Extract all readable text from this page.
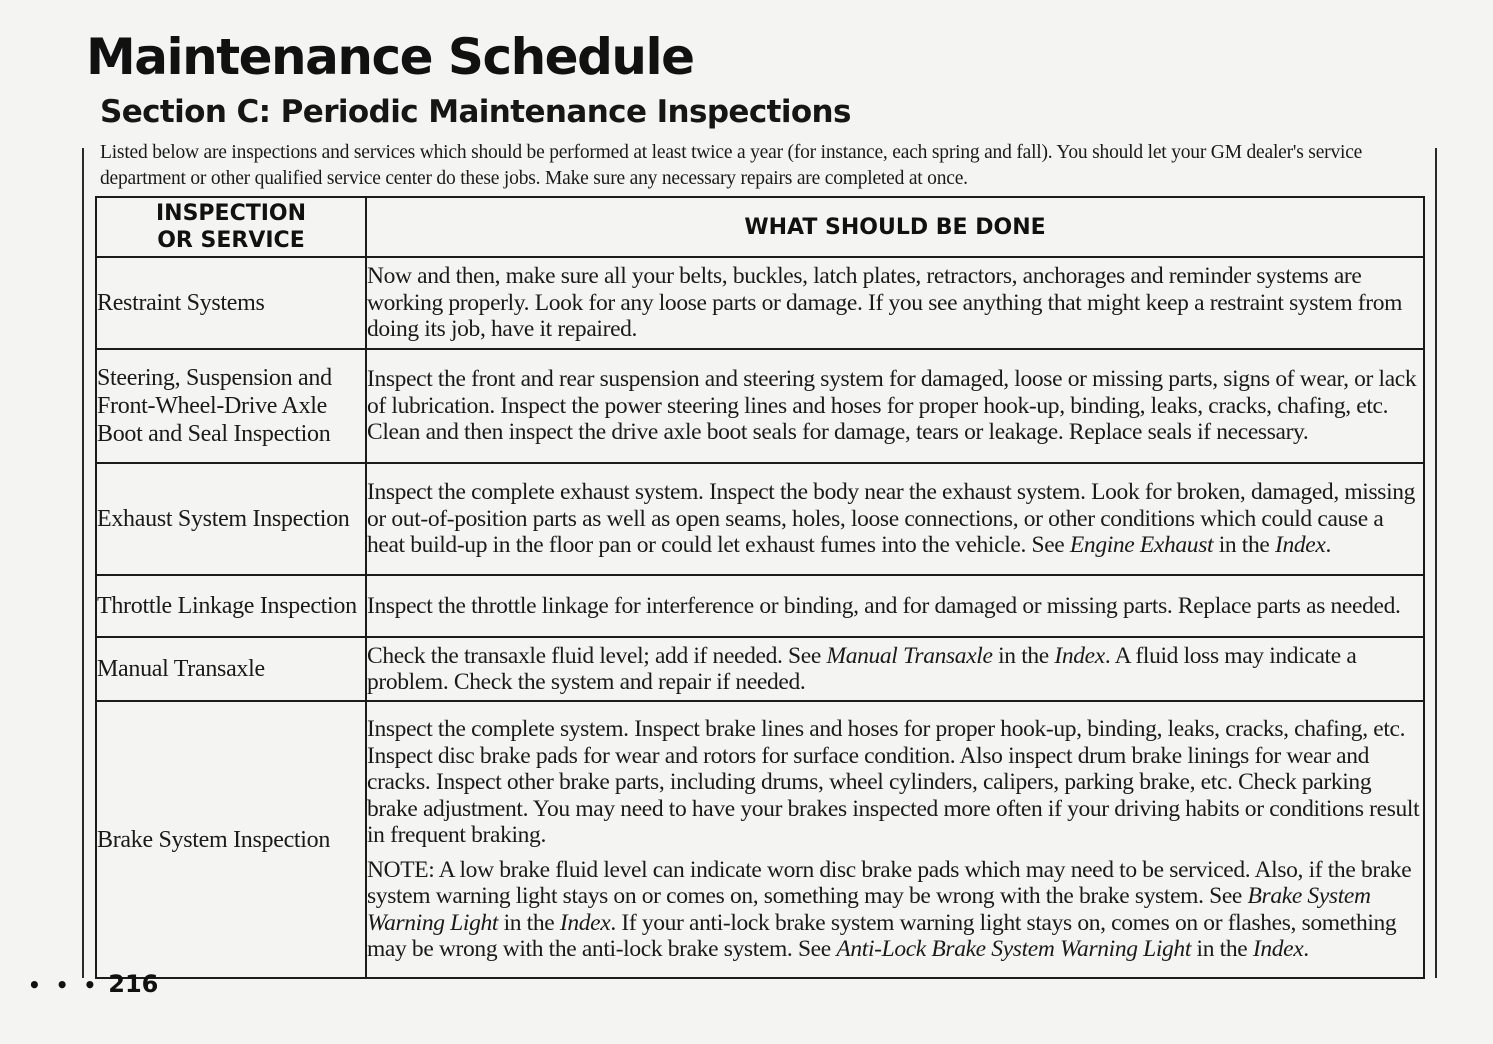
Maintenance Schedule
Section C: Periodic Maintenance Inspections

Listed below are inspections and services which should be performed at least twice a year (for instance, each spring and fall). You should let your GM dealer's service department or other qualified service center do these jobs. Make sure any necessary repairs are completed at once.

INSPECTION
OR SERVICE	WHAT SHOULD BE DONE
Restraint Systems	Now and then, make sure all your belts, buckles, latch plates, retractors, anchorages and reminder systems are working properly. Look for any loose parts or damage. If you see anything that might keep a restraint system from doing its job, have it repaired.
Steering, Suspension and Front-Wheel-Drive Axle Boot and Seal Inspection	Inspect the front and rear suspension and steering system for damaged, loose or missing parts, signs of wear, or lack of lubrication. Inspect the power steering lines and hoses for proper hook-up, binding, leaks, cracks, chafing, etc. Clean and then inspect the drive axle boot seals for damage, tears or leakage. Replace seals if necessary.
Exhaust System Inspection	Inspect the complete exhaust system. Inspect the body near the exhaust system. Look for broken, damaged, missing or out-of-position parts as well as open seams, holes, loose connections, or other conditions which could cause a heat build-up in the floor pan or could let exhaust fumes into the vehicle. See Engine Exhaust in the Index.
Throttle Linkage Inspection	Inspect the throttle linkage for interference or binding, and for damaged or missing parts. Replace parts as needed.
Manual Transaxle	Check the transaxle fluid level; add if needed. See Manual Transaxle in the Index. A fluid loss may indicate a problem. Check the system and repair if needed.
Brake System Inspection	Inspect the complete system. Inspect brake lines and hoses for proper hook-up, binding, leaks, cracks, chafing, etc. Inspect disc brake pads for wear and rotors for surface condition. Also inspect drum brake linings for wear and cracks. Inspect other brake parts, including drums, wheel cylinders, calipers, parking brake, etc. Check parking brake adjustment. You may need to have your brakes inspected more often if your driving habits or conditions result in frequent braking.

NOTE: A low brake fluid level can indicate worn disc brake pads which may need to be serviced. Also, if the brake system warning light stays on or comes on, something may be wrong with the brake system. See Brake System Warning Light in the Index. If your anti-lock brake system warning light stays on, comes on or flashes, something may be wrong with the anti-lock brake system. See Anti-Lock Brake System Warning Light in the Index.

• • • 216
